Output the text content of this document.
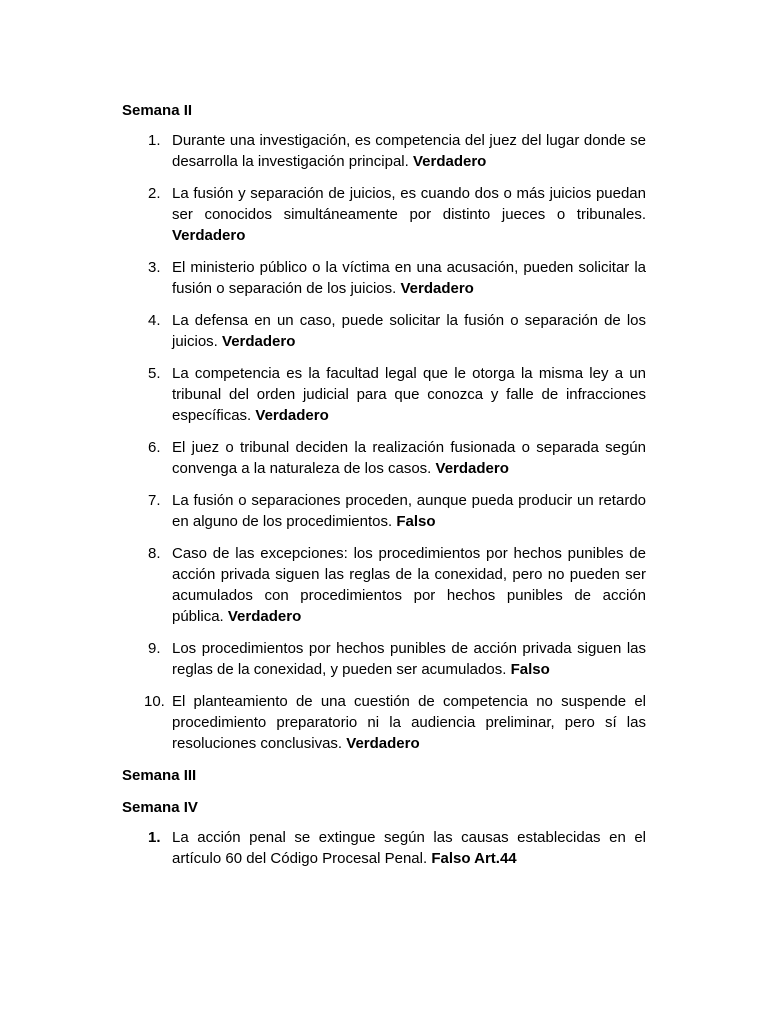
Semana II
1. Durante una investigación, es competencia del juez del lugar donde se desarrolla la investigación principal. Verdadero
2. La fusión y separación de juicios, es cuando dos o más juicios puedan ser conocidos simultáneamente por distinto jueces o tribunales. Verdadero
3. El ministerio público o la víctima en una acusación, pueden solicitar la fusión o separación de los juicios. Verdadero
4. La defensa en un caso, puede solicitar la fusión o separación de los juicios. Verdadero
5. La competencia es la facultad legal que le otorga la misma ley a un tribunal del orden judicial para que conozca y falle de infracciones específicas. Verdadero
6. El juez o tribunal deciden la realización fusionada o separada según convenga a la naturaleza de los casos. Verdadero
7. La fusión o separaciones proceden, aunque pueda producir un retardo en alguno de los procedimientos. Falso
8. Caso de las excepciones: los procedimientos por hechos punibles de acción privada siguen las reglas de la conexidad, pero no pueden ser acumulados con procedimientos por hechos punibles de acción pública. Verdadero
9. Los procedimientos por hechos punibles de acción privada siguen las reglas de la conexidad, y pueden ser acumulados. Falso
10. El planteamiento de una cuestión de competencia no suspende el procedimiento preparatorio ni la audiencia preliminar, pero sí las resoluciones conclusivas. Verdadero
Semana III
Semana IV
1. La acción penal se extingue según las causas establecidas en el artículo 60 del Código Procesal Penal. Falso Art.44
